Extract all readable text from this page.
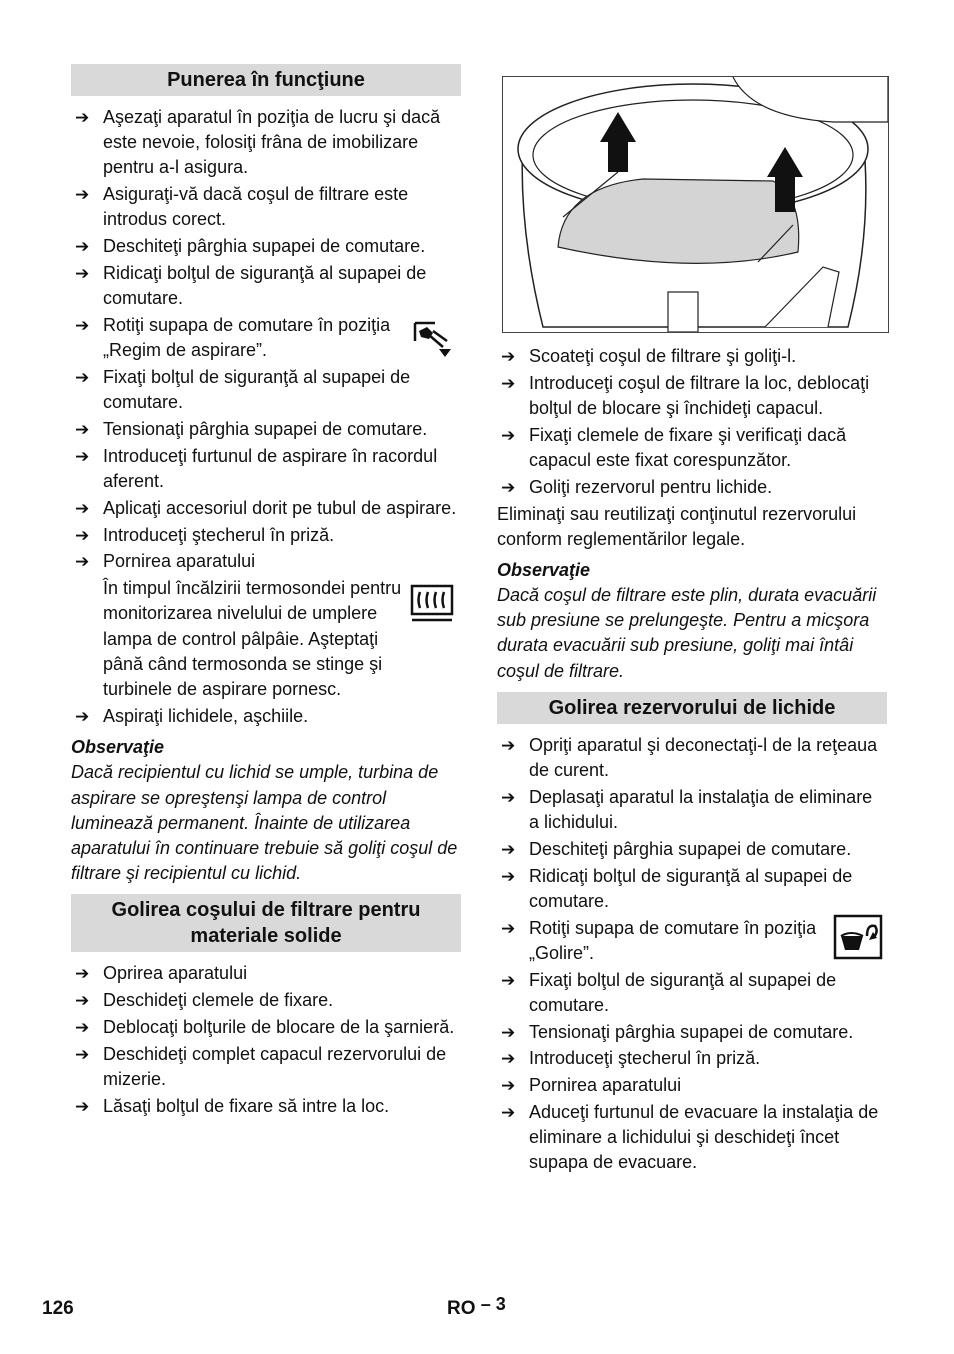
Punerea în funcţiune
➔ Aşezaţi aparatul în poziţia de lucru şi dacă este nevoie, folosiţi frâna de imobilizare pentru a-l asigura.
➔ Asiguraţi-vă dacă coşul de filtrare este introdus corect.
➔ Deschiteţi pârghia supapei de comutare.
➔ Ridicaţi bolţul de siguranţă al supapei de comutare.
➔ Rotiţi supapa de comutare în poziţia „Regim de aspirare”.
➔ Fixaţi bolţul de siguranţă al supapei de comutare.
➔ Tensionaţi pârghia supapei de comutare.
➔ Introduceţi furtunul de aspirare în racordul aferent.
➔ Aplicaţi accesoriul dorit pe tubul de aspirare.
➔ Introduceţi ştecherul în priză.
➔ Pornirea aparatului
În timpul încălzirii termosondei pentru monitorizarea nivelului de umplere lampa de control pâlpâie. Aşteptaţi până când termosonda se stinge şi turbinele de aspirare pornesc.
➔ Aspiraţi lichidele, aşchiile.
Observaţie
Dacă recipientul cu lichid se umple, turbina de aspirare se opreştenşi lampa de control luminează permanent. Înainte de utilizarea aparatului în continuare trebuie să goliţi coşul de filtrare şi recipientul cu lichid.
Golirea coşului de filtrare pentru materiale solide
➔ Oprirea aparatului
➔ Deschideţi clemele de fixare.
➔ Deblocaţi bolţurile de blocare de la şarnieră.
➔ Deschideţi complet capacul rezervorului de mizerie.
➔ Lăsaţi bolţul de fixare să intre la loc.
➔ Scoateţi coşul de filtrare şi goliţi-l.
➔ Introduceţi coşul de filtrare la loc, deblocaţi bolţul de blocare şi închideţi capacul.
➔ Fixaţi clemele de fixare şi verificaţi dacă capacul este fixat corespunzător.
➔ Goliţi rezervorul pentru lichide.
Eliminaţi sau reutilizaţi conţinutul rezervorului conform reglementărilor legale.
Observaţie
Dacă coşul de filtrare este plin, durata evacuării sub presiune se prelungeşte. Pentru a micşora durata evacuării sub presiune, goliţi mai întâi coşul de filtrare.
Golirea rezervorului de lichide
➔ Opriţi aparatul şi deconectaţi-l de la reţeaua de curent.
➔ Deplasaţi aparatul la instalaţia de eliminare a lichidului.
➔ Deschiteţi pârghia supapei de comutare.
➔ Ridicaţi bolţul de siguranţă al supapei de comutare.
➔ Rotiţi supapa de comutare în poziţia „Golire”.
➔ Fixaţi bolţul de siguranţă al supapei de comutare.
➔ Tensionaţi pârghia supapei de comutare.
➔ Introduceţi ştecherul în priză.
➔ Pornirea aparatului
➔ Aduceţi furtunul de evacuare la instalaţia de eliminare a lichidului şi deschideţi încet supapa de evacuare.
126	RO – 3
